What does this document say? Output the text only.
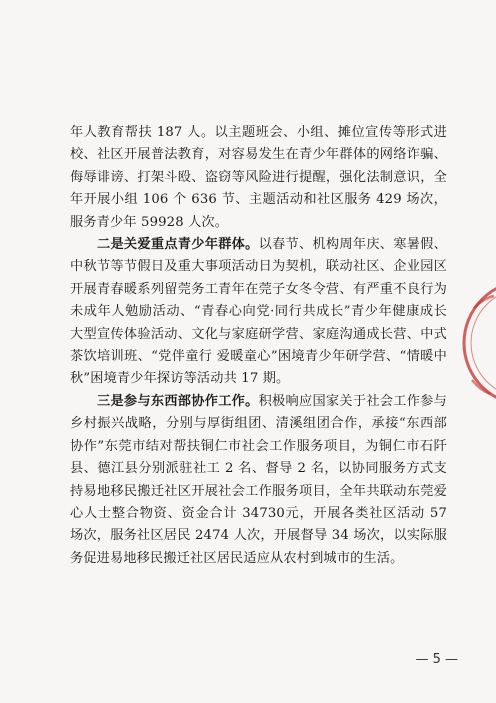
年人教育帮扶 187 人。以主题班会、小组、摊位宣传等形式进校、社区开展普法教育，对容易发生在青少年群体的网络诈骗、侮辱诽谤、打架斗殴、盗窃等风险进行提醒，强化法制意识，全年开展小组 106 个 636 节、主题活动和社区服务 429 场次，服务青少年 59928 人次。

二是关爱重点青少年群体。以春节、机构周年庆、寒暑假、中秋节等节假日及重大事项活动日为契机，联动社区、企业园区开展青春暖系列留莞务工青年在莞子女冬令营、有严重不良行为未成年人勉励活动、“青春心向党·同行共成长”青少年健康成长大型宣传体验活动、文化与家庭研学营、家庭沟通成长营、中式茶饮培训班、“党伴童行 爱暖童心”困境青少年研学营、“情暖中秋”困境青少年探访等活动共 17 期。

三是参与东西部协作工作。积极响应国家关于社会工作参与乡村振兴战略，分别与厚街组团、清溪组团合作，承接“东西部协作”东莞市结对帮扶铜仁市社会工作服务项目，为铜仁市石阡县、德江县分别派驻社工 2 名、督导 2 名，以协同服务方式支持易地移民搬迁社区开展社会工作服务项目，全年共联动东莞爱心人士整合物资、资金合计 34730元，开展各类社区活动 57 场次，服务社区居民 2474 人次，开展督导 34 场次，以实际服务促进易地移民搬迁社区居民适应从农村到城市的生活。

— 5 —
